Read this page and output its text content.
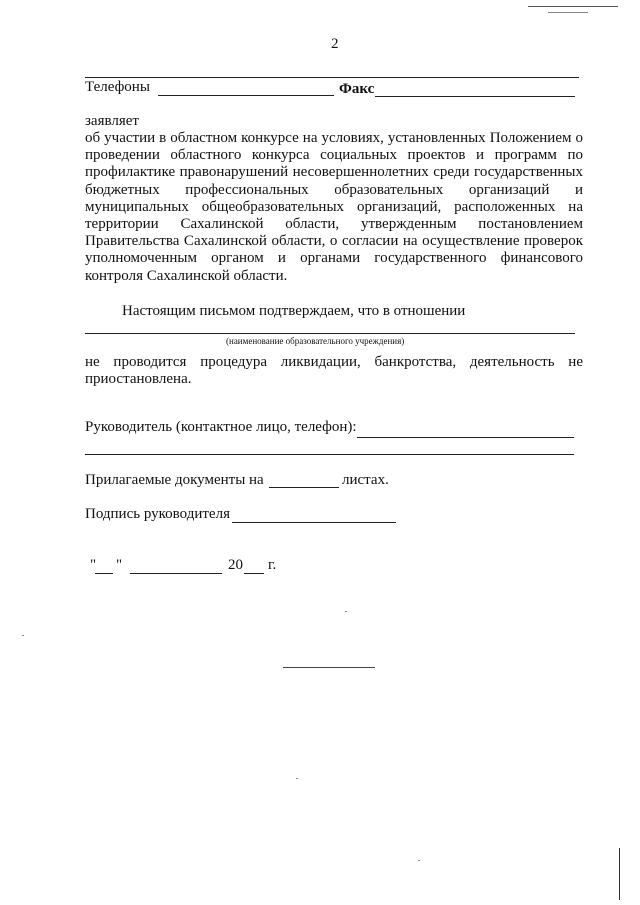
2
Телефоны	Факс
заявляет
об участии в областном конкурсе на условиях, установленных Положением о проведении областного конкурса социальных проектов и программ по профилактике правонарушений несовершеннолетних среди государственных бюджетных профессиональных образовательных организаций и муниципальных общеобразовательных организаций, расположенных на территории Сахалинской области, утвержденным постановлением Правительства Сахалинской области, о согласии на осуществление проверок уполномоченным органом и органами государственного финансового контроля Сахалинской области.
Настоящим письмом подтверждаем, что в отношении
(наименование образовательного учреждения)
не проводится процедура ликвидации, банкротства, деятельность не приостановлена.
Руководитель (контактное лицо, телефон):
Прилагаемые документы на	листах.
Подпись руководителя
" "	20 г.
